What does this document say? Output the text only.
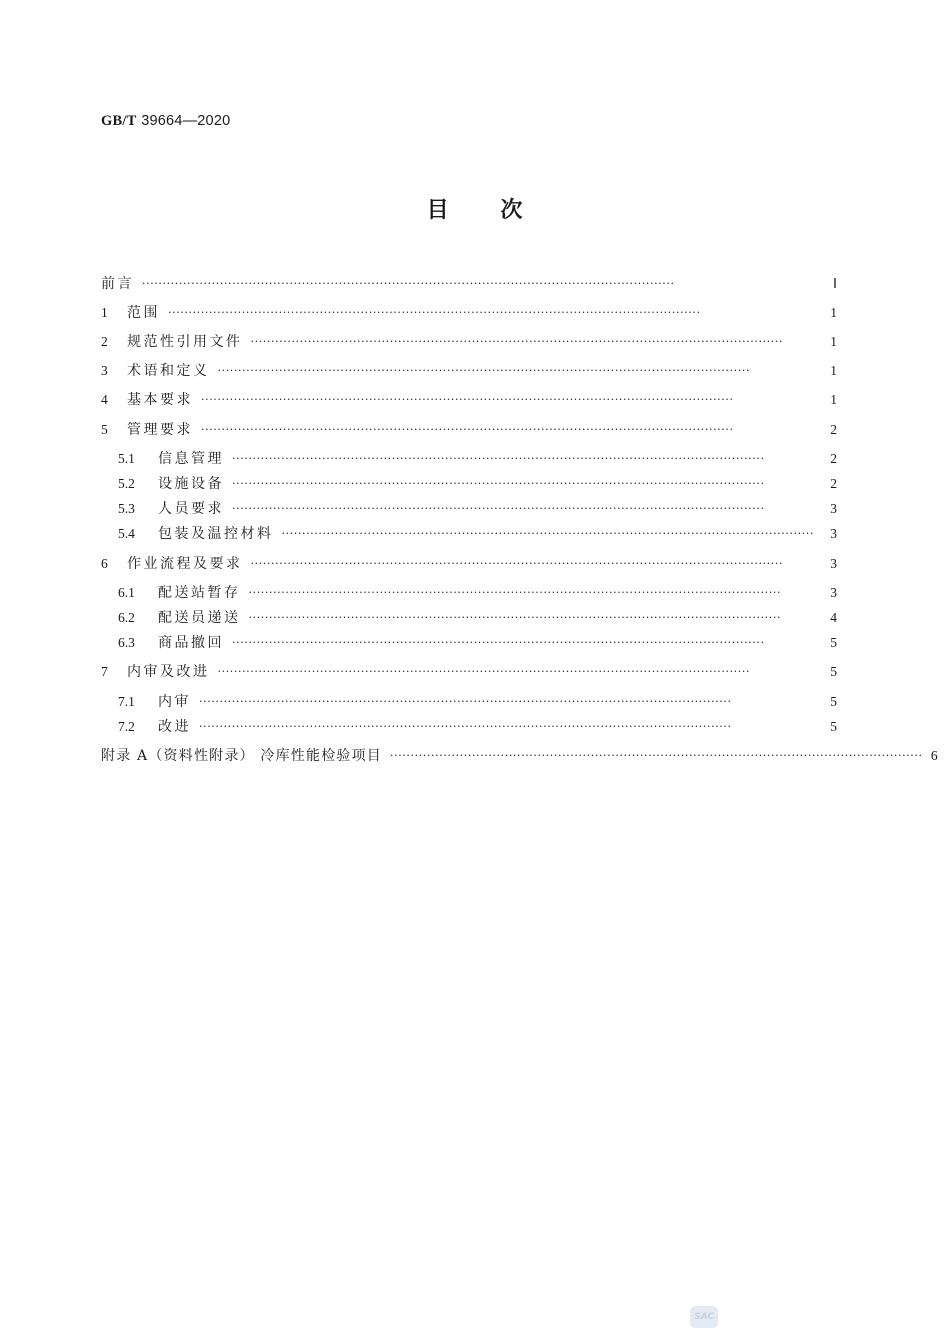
GB/T 39664—2020
目 次
前言 ··································································································································	Ⅰ
1	范围 ··································································································································	1
2	规范性引用文件 ··································································································································	1
3	术语和定义 ··································································································································	1
4	基本要求 ··································································································································	1
5	管理要求 ··································································································································	2
5.1	信息管理 ··································································································································	2
5.2	设施设备 ··································································································································	2
5.3	人员要求 ··································································································································	3
5.4	包装及温控材料 ··································································································································	3
6	作业流程及要求 ··································································································································	3
6.1	配送站暂存 ··································································································································	3
6.2	配送员递送 ··································································································································	4
6.3	商品撤回 ··································································································································	5
7	内审及改进 ··································································································································	5
7.1	内审 ··································································································································	5
7.2	改进 ··································································································································	5
附录 A（资料性附录） 冷库性能检验项目 ·································································································································· 6
SAC
